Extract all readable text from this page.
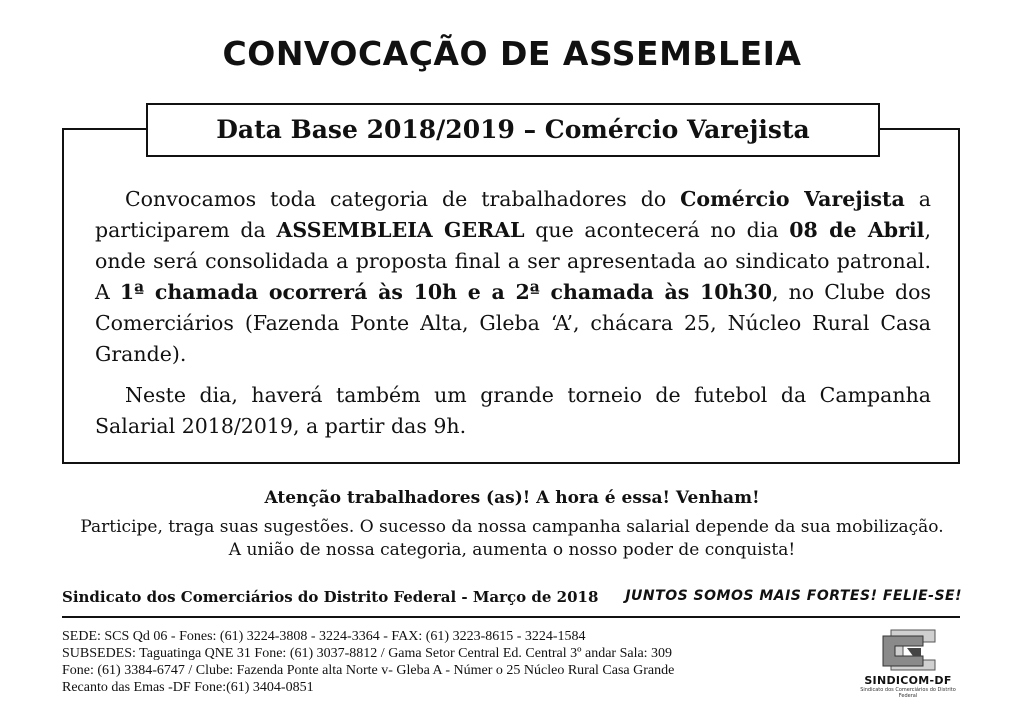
CONVOCAÇÃO DE ASSEMBLEIA
Data Base 2018/2019 – Comércio Varejista

Convocamos toda categoria de trabalhadores do Comércio Varejista a participarem da ASSEMBLEIA GERAL que acontecerá no dia 08 de Abril, onde será consolidada a proposta final a ser apresentada ao sindicato patronal. A 1ª chamada ocorrerá às 10h e a 2ª chamada às 10h30, no Clube dos Comerciários (Fazenda Ponte Alta, Gleba ‘A’, chácara 25, Núcleo Rural Casa Grande).

Neste dia, haverá também um grande torneio de futebol da Campanha Salarial 2018/2019, a partir das 9h.

Atenção trabalhadores (as)! A hora é essa! Venham!
Participe, traga suas sugestões. O sucesso da nossa campanha salarial depende da sua mobilização.
A união de nossa categoria, aumenta o nosso poder de conquista!
Sindicato dos Comerciários do Distrito Federal - Março de 2018 JUNTOS SOMOS MAIS FORTES! FELIE-SE!
SEDE: SCS Qd 06 - Fones: (61) 3224-3808 - 3224-3364 - FAX: (61) 3223-8615 - 3224-1584
SUBSEDES: Taguatinga QNE 31 Fone: (61) 3037-8812 / Gama Setor Central Ed. Central 3º andar Sala: 309
Fone: (61) 3384-6747 / Clube: Fazenda Ponte alta Norte v- Gleba A - Númer o 25 Núcleo Rural Casa Grande
Recanto das Emas -DF Fone:(61) 3404-0851	SINDICOM-DF
Sindicato dos Comerciários do Distrito Federal
